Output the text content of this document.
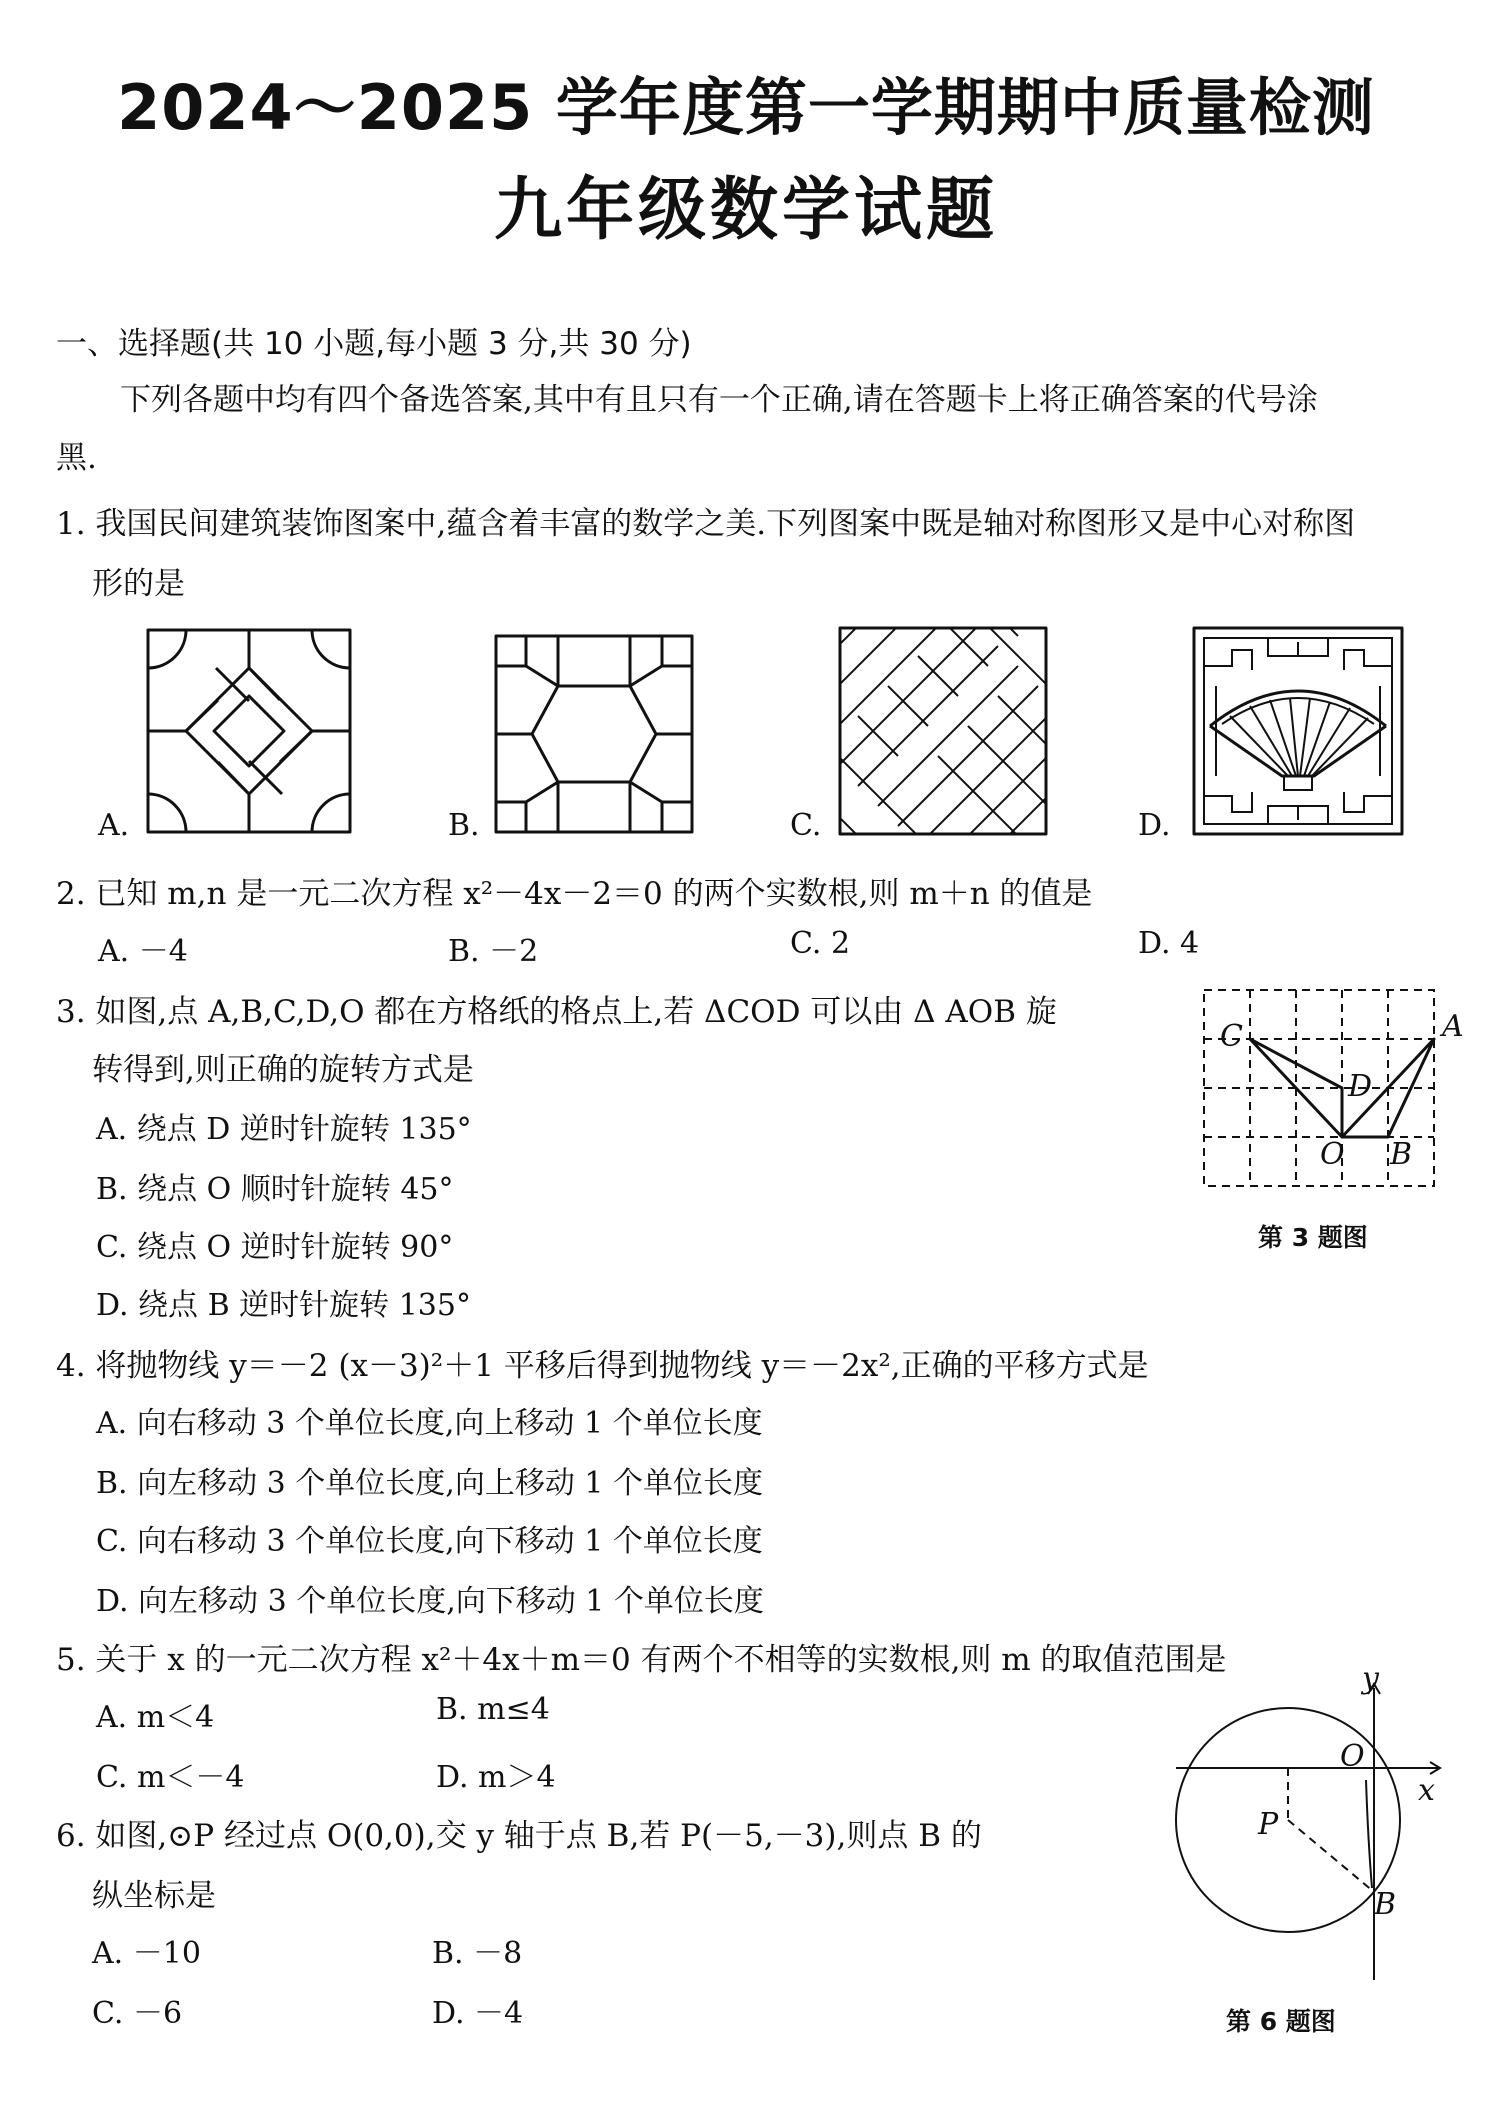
2024～2025 学年度第一学期期中质量检测
九年级数学试题
一、选择题(共 10 小题,每小题 3 分,共 30 分)
下列各题中均有四个备选答案,其中有且只有一个正确,请在答题卡上将正确答案的代号涂
黑.
1. 我国民间建筑装饰图案中,蕴含着丰富的数学之美.下列图案中既是轴对称图形又是中心对称图
形的是
A.	B.	C.	D.
2. 已知 m,n 是一元二次方程 x²－4x－2＝0 的两个实数根,则 m＋n 的值是
A. －4	B. －2	C. 2	D. 4
3. 如图,点 A,B,C,D,O 都在方格纸的格点上,若 ΔCOD 可以由 Δ AOB 旋
转得到,则正确的旋转方式是
A. 绕点 D 逆时针旋转 135°
B. 绕点 O 顺时针旋转 45°
C. 绕点 O 逆时针旋转 90°
D. 绕点 B 逆时针旋转 135°
C	A
D
O B
第 3 题图
4. 将抛物线 y＝－2 (x－3)²＋1 平移后得到抛物线 y＝－2x²,正确的平移方式是
A. 向右移动 3 个单位长度,向上移动 1 个单位长度
B. 向左移动 3 个单位长度,向上移动 1 个单位长度
C. 向右移动 3 个单位长度,向下移动 1 个单位长度
D. 向左移动 3 个单位长度,向下移动 1 个单位长度
5. 关于 x 的一元二次方程 x²＋4x＋m＝0 有两个不相等的实数根,则 m 的取值范围是
A. m＜4	B. m≤4
C. m＜－4	D. m＞4
6. 如图,⊙P 经过点 O(0,0),交 y 轴于点 B,若 P(－5,－3),则点 B 的
纵坐标是
A. －10	B. －8
C. －6	D. －4
y
O
x
P
B
第 6 题图
